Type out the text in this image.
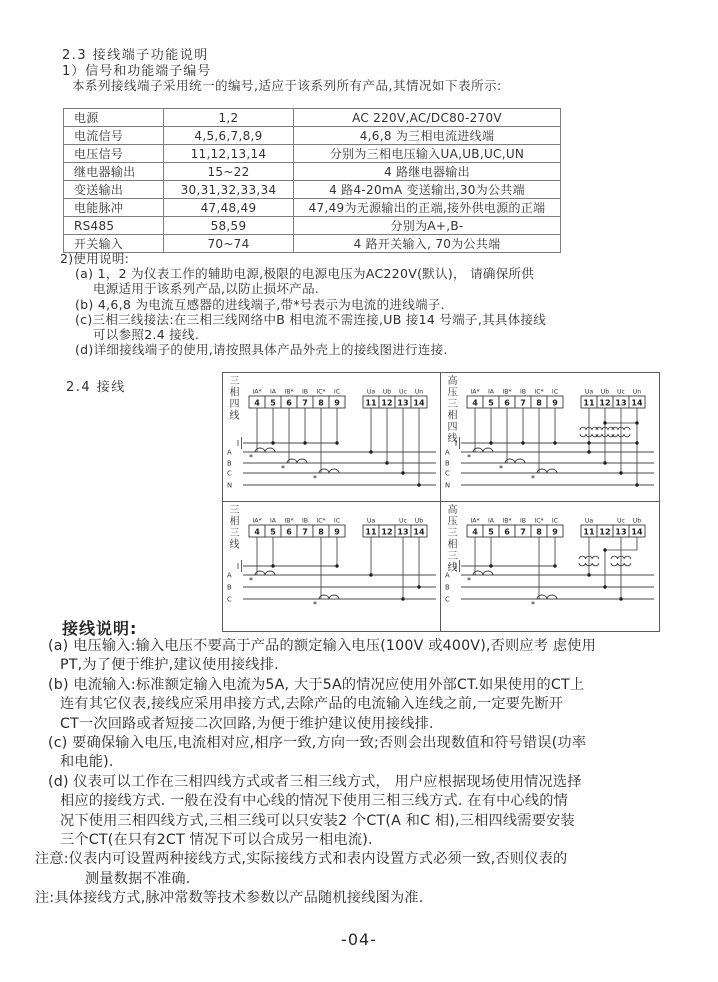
2.3 接线端子功能说明
1）信号和功能端子编号
本系列接线端子采用统一的编号,适应于该系列所有产品,其情况如下表所示:
电源	1,2	AC 220V,AC/DC80-270V
电流信号	4,5,6,7,8,9	4,6,8 为三相电流进线端
电压信号	11,12,13,14	分别为三相电压输入UA,UB,UC,UN
继电器输出	15~22	4 路继电器输出
变送输出	30,31,32,33,34	4 路4-20mA 变送输出,30为公共端
电能脉冲	47,48,49	47,49为无源输出的正端,接外供电源的正端
RS485	58,59	分别为A+,B-
开关输入	70~74	4 路开关输入, 70为公共端
2)使用说明:
(a) 1，2 为仪表工作的辅助电源,极限的电源电压为AC220V(默认)， 请确保所供
电源适用于该系列产品,以防止损坏产品.
(b) 4,6,8 为电流互感器的进线端子,带*号表示为电流的进线端子.
(c)三相三线接法:在三相三线网络中B 相电流不需连接,UB 接14 号端子,其具体接线
可以参照2.4 接线.
(d)详细接线端子的使用,请按照具体产品外壳上的接线图进行连接.
2.4 接线	三相四线 IA* IA IB* IB IC* IC	Ua Ub Uc Un
4 5 6 7 8 9	11 12 13 14
A
B
C
N
*
*
*
高压三相四线 IA* IA IB* IB IC* IC	Ua Ub Uc Un
4 5 6 7 8 9	11 12 13 14
A
B
C
N
*
*
*
三相三线 IA* IA IB* IB IC* IC	Ua	Uc Ub
4 5 6 7 8 9	11 12 13 14
A
B
C
*
*
高压三相三线 IA* IA IB* IB IC* IC	Ua	Uc Ub
4 5 6 7 8 9	11 12 13 14
A
B
C
*
*
接线说明:
(a) 电压输入:输入电压不要高于产品的额定输入电压(100V 或400V),否则应考 虑使用
PT,为了便于维护,建议使用接线排.
(b) 电流输入:标准额定输入电流为5A, 大于5A的情况应使用外部CT.如果使用的CT上
连有其它仪表,接线应采用串接方式,去除产品的电流输入连线之前,一定要先断开
CT一次回路或者短接二次回路,为便于维护建议使用接线排.
(c) 要确保输入电压,电流相对应,相序一致,方向一致;否则会出现数值和符号错误(功率
和电能).
(d) 仪表可以工作在三相四线方式或者三相三线方式， 用户应根据现场使用情况选择
相应的接线方式. 一般在没有中心线的情况下使用三相三线方式. 在有中心线的情
况下使用三相四线方式,三相三线可以只安装2 个CT(A 和C 相),三相四线需要安装
三个CT(在只有2CT 情况下可以合成另一相电流).
注意:仪表内可设置两种接线方式,实际接线方式和表内设置方式必须一致,否则仪表的
测量数据不准确.
注:具体接线方式,脉冲常数等技术参数以产品随机接线图为准.
-04-
